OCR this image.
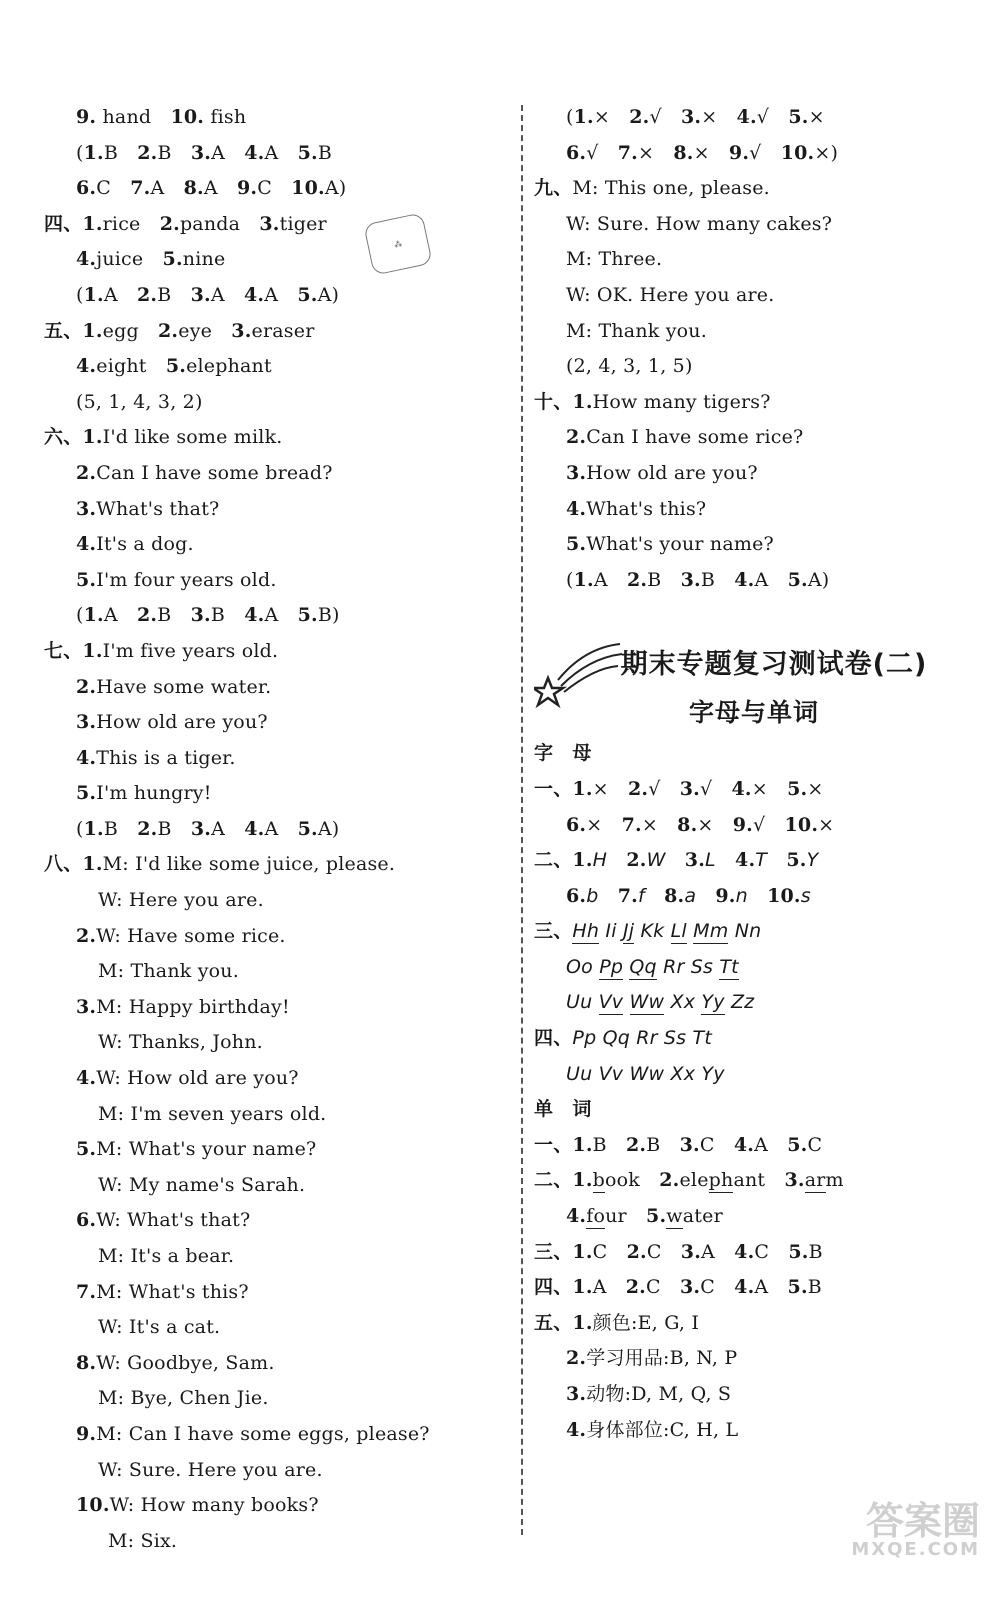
9. hand　10. fish
(1.B　2.B　3.A　4.A　5.B
6.C　7.A　8.A　9.C　10.A)
四、1.rice　2.panda　3.tiger
4.juice　5.nine
(1.A　2.B　3.A　4.A　5.A)
五、1.egg　2.eye　3.eraser
4.eight　5.elephant
(5, 1, 4, 3, 2)
六、1.I'd like some milk.
2.Can I have some bread?
3.What's that?
4.It's a dog.
5.I'm four years old.
(1.A　2.B　3.B　4.A　5.B)
七、1.I'm five years old.
2.Have some water.
3.How old are you?
4.This is a tiger.
5.I'm hungry!
(1.B　2.B　3.A　4.A　5.A)
八、1.M: I'd like some juice, please.
W: Here you are.
2.W: Have some rice.
M: Thank you.
3.M: Happy birthday!
W: Thanks, John.
4.W: How old are you?
M: I'm seven years old.
5.M: What's your name?
W: My name's Sarah.
6.W: What's that?
M: It's a bear.
7.M: What's this?
W: It's a cat.
8.W: Goodbye, Sam.
M: Bye, Chen Jie.
9.M: Can I have some eggs, please?
W: Sure. Here you are.
10.W: How many books?
M: Six.
(1.×　2.√　3.×　4.√　5.×
6.√　7.×　8.×　9.√　10.×)
九、M: This one, please.
W: Sure. How many cakes?
M: Three.
W: OK. Here you are.
M: Thank you.
(2, 4, 3, 1, 5)
十、1.How many tigers?
2.Can I have some rice?
3.How old are you?
4.What's this?
5.What's your name?
(1.A　2.B　3.B　4.A　5.A)
期末专题复习测试卷(二)
字母与单词
字　母
一、1.×　2.√　3.√　4.×　5.×
6.×　7.×　8.×　9.√　10.×
二、1.H　 2.W　 3.L　 4.T　 5.Y
6.b　 7.f　 8.a　 9.n　 10.s
三、Hh Ii Jj Kk Ll Mm Nn
Oo Pp Qq Rr Ss Tt
Uu Vv Ww Xx Yy Zz
四、Pp Qq Rr Ss Tt
Uu Vv Ww Xx Yy
单　词
一、1.B　2.B　3.C　4.A　5.C
二、1.book　2.elephant　3.arm
4.four　5.water
三、1.C　2.C　3.A　4.C　5.B
四、1.A　2.C　3.C　4.A　5.B
五、1.颜色:E, G, I
2.学习用品:B, N, P
3.动物:D, M, Q, S
4.身体部位:C, H, L
⁂
答案圈
MXQE.COM
